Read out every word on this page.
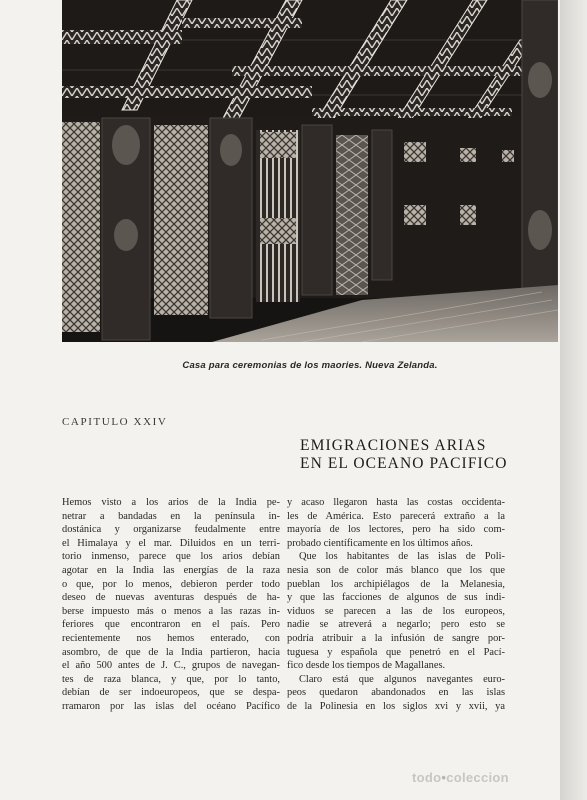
Casa para ceremonias de los maories. Nueva Zelanda.
CAPITULO XXIV
EMIGRACIONES ARIAS
EN EL OCEANO PACIFICO
Hemos visto a los arios de la India pe-
netrar a bandadas en la península in-
dostánica y organizarse feudalmente entre
el Himalaya y el mar. Diluidos en un terri-
torio inmenso, parece que los arios debían
agotar en la India las energías de la raza
o que, por lo menos, debieron perder todo
deseo de nuevas aventuras después de ha-
berse impuesto más o menos a las razas in-
feriores que encontraron en el país. Pero
recientemente nos hemos enterado, con
asombro, de que de la India partieron, hacia
el año 500 antes de J. C., grupos de navegan-
tes de raza blanca, y que, por lo tanto,
debían de ser indoeuropeos, que se despa-
rramaron por las islas del océano Pacífico
y acaso llegaron hasta las costas occidenta-
les de América. Esto parecerá extraño a la
mayoría de los lectores, pero ha sido com-
probado científicamente en los últimos años.
Que los habitantes de las islas de Poli-
nesia son de color más blanco que los que
pueblan los archipiélagos de la Melanesia,
y que las facciones de algunos de sus indi-
viduos se parecen a las de los europeos,
nadie se atreverá a negarlo; pero esto se
podría atribuir a la infusión de sangre por-
tuguesa y española que penetró en el Pací-
fico desde los tiempos de Magallanes.
Claro está que algunos navegantes euro-
peos quedaron abandonados en las islas
de la Polinesia en los siglos xvi y xvii, ya
todo•coleccion
